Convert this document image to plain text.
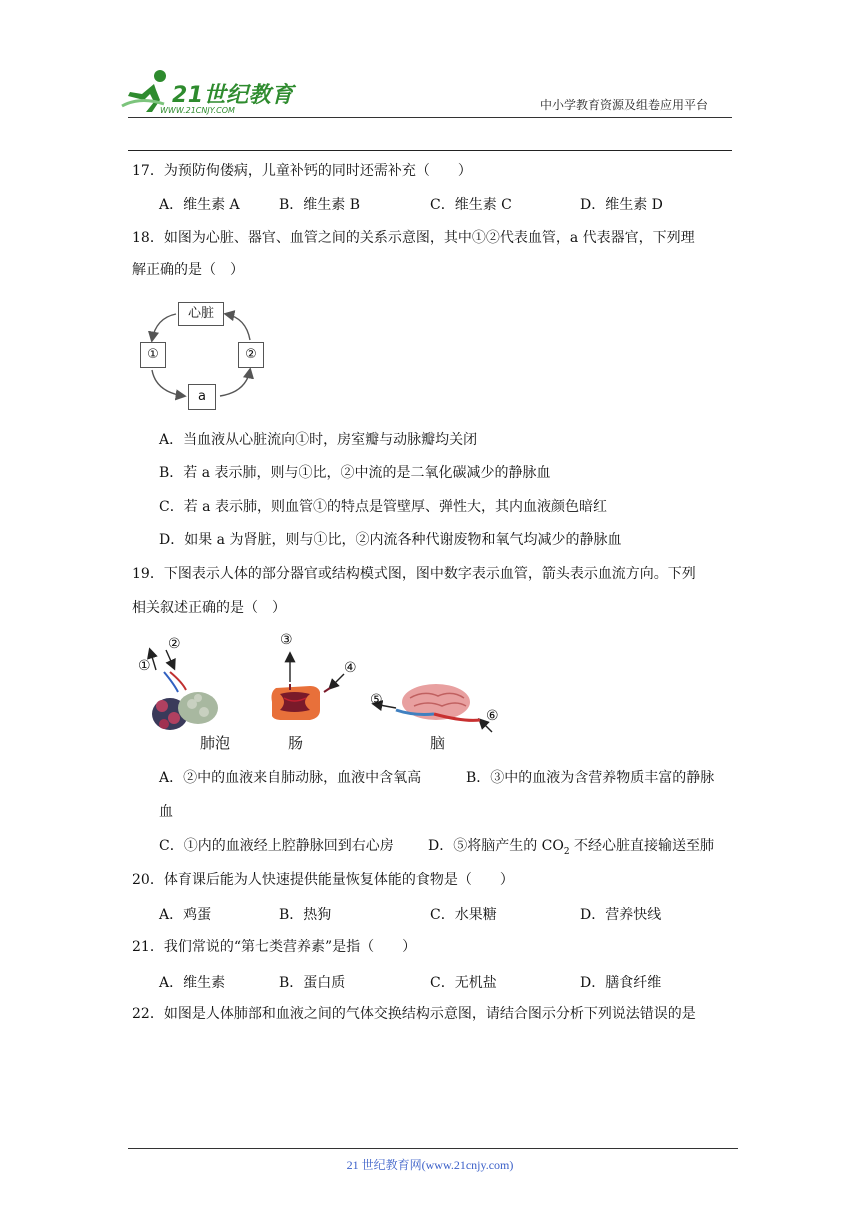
21世纪教育
WWW.21CNJY.COM	中小学教育资源及组卷应用平台
17．为预防佝偻病，儿童补钙的同时还需补充（　　）
A．维生素 A	B．维生素 B	C．维生素 C	D．维生素 D
18．如图为心脏、器官、血管之间的关系示意图，其中①②代表血管，a 代表器官，下列理
解正确的是（　）
心脏
①	②
a
A．当血液从心脏流向①时，房室瓣与动脉瓣均关闭
B．若 a 表示肺，则与①比，②中流的是二氧化碳减少的静脉血
C．若 a 表示肺，则血管①的特点是管壁厚、弹性大，其内血液颜色暗红
D．如果 a 为肾脏，则与①比，②内流各种代谢废物和氧气均减少的静脉血
19．下图表示人体的部分器官或结构模式图，图中数字表示血管，箭头表示血流方向。下列
相关叙述正确的是（　）
①
②	③
④
⑤
⑥
肺泡	肠	脑
A．②中的血液来自肺动脉，血液中含氧高	B．③中的血液为含营养物质丰富的静脉
血
C．①内的血液经上腔静脉回到右心房 D．⑤将脑产生的 $CO_2$ 不经心脏直接输送至肺
20．体育课后能为人快速提供能量恢复体能的食物是（　　）
A．鸡蛋	B．热狗	C．水果糖	D．营养快线
21．我们常说的“第七类营养素”是指（　　）
A．维生素	B．蛋白质	C．无机盐	D．膳食纤维
22．如图是人体肺部和血液之间的气体交换结构示意图，请结合图示分析下列说法错误的是
21 世纪教育网(www.21cnjy.com)
